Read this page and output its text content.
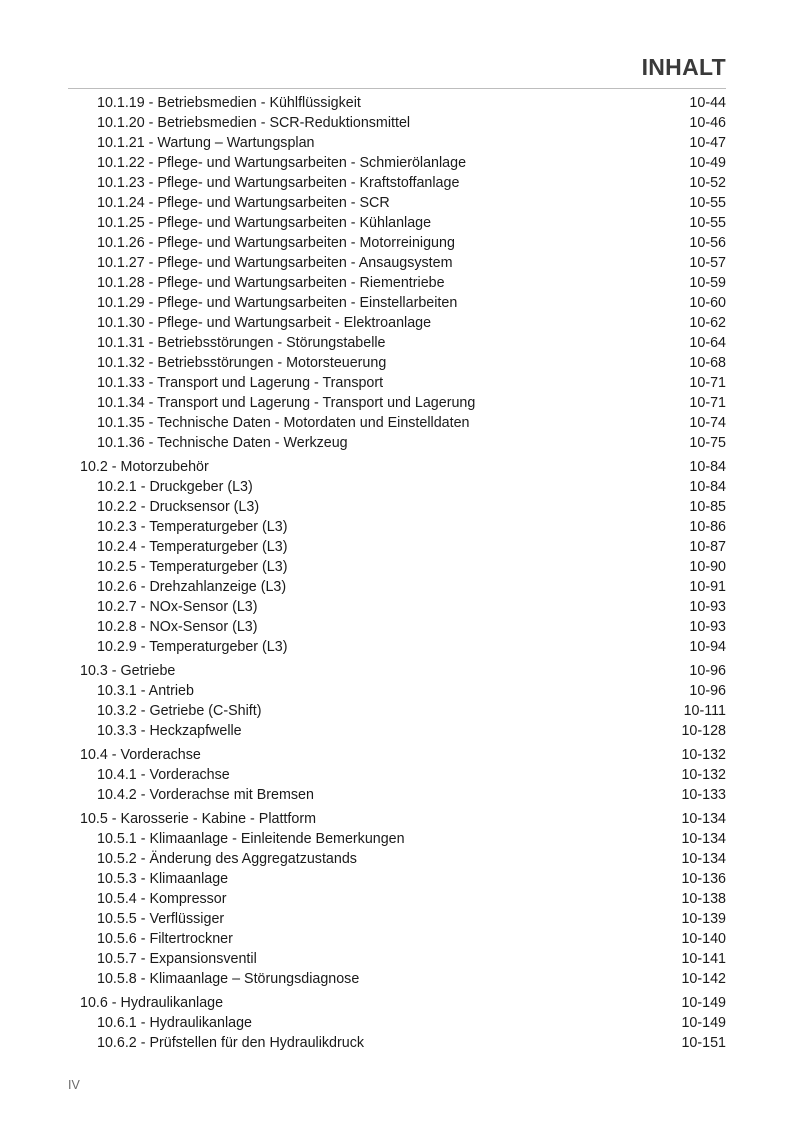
INHALT
10.1.19 - Betriebsmedien - Kühlflüssigkeit	10-44
10.1.20 - Betriebsmedien - SCR-Reduktionsmittel	10-46
10.1.21 - Wartung – Wartungsplan	10-47
10.1.22 - Pflege- und Wartungsarbeiten - Schmierölanlage	10-49
10.1.23 - Pflege- und Wartungsarbeiten - Kraftstoffanlage	10-52
10.1.24 - Pflege- und Wartungsarbeiten - SCR	10-55
10.1.25 - Pflege- und Wartungsarbeiten - Kühlanlage	10-55
10.1.26 - Pflege- und Wartungsarbeiten - Motorreinigung	10-56
10.1.27 - Pflege- und Wartungsarbeiten - Ansaugsystem	10-57
10.1.28 - Pflege- und Wartungsarbeiten - Riementriebe	10-59
10.1.29 - Pflege- und Wartungsarbeiten - Einstellarbeiten	10-60
10.1.30 - Pflege- und Wartungsarbeit - Elektroanlage	10-62
10.1.31 - Betriebsstörungen - Störungstabelle	10-64
10.1.32 - Betriebsstörungen - Motorsteuerung	10-68
10.1.33 - Transport und Lagerung - Transport	10-71
10.1.34 - Transport und Lagerung - Transport und Lagerung	10-71
10.1.35 - Technische Daten - Motordaten und Einstelldaten	10-74
10.1.36 - Technische Daten - Werkzeug	10-75
10.2 - Motorzubehör	10-84
10.2.1 - Druckgeber (L3)	10-84
10.2.2 - Drucksensor (L3)	10-85
10.2.3 - Temperaturgeber (L3)	10-86
10.2.4 - Temperaturgeber (L3)	10-87
10.2.5 - Temperaturgeber (L3)	10-90
10.2.6 - Drehzahlanzeige (L3)	10-91
10.2.7 - NOx-Sensor (L3)	10-93
10.2.8 - NOx-Sensor (L3)	10-93
10.2.9 - Temperaturgeber (L3)	10-94
10.3 - Getriebe	10-96
10.3.1 - Antrieb	10-96
10.3.2 - Getriebe (C-Shift)	10-111
10.3.3 - Heckzapfwelle	10-128
10.4 - Vorderachse	10-132
10.4.1 - Vorderachse	10-132
10.4.2 - Vorderachse mit Bremsen	10-133
10.5 - Karosserie - Kabine - Plattform	10-134
10.5.1 - Klimaanlage - Einleitende Bemerkungen	10-134
10.5.2 - Änderung des Aggregatzustands	10-134
10.5.3 - Klimaanlage	10-136
10.5.4 - Kompressor	10-138
10.5.5 - Verflüssiger	10-139
10.5.6 - Filtertrockner	10-140
10.5.7 - Expansionsventil	10-141
10.5.8 - Klimaanlage – Störungsdiagnose	10-142
10.6 - Hydraulikanlage	10-149
10.6.1 - Hydraulikanlage	10-149
10.6.2 - Prüfstellen für den Hydraulikdruck	10-151
IV
